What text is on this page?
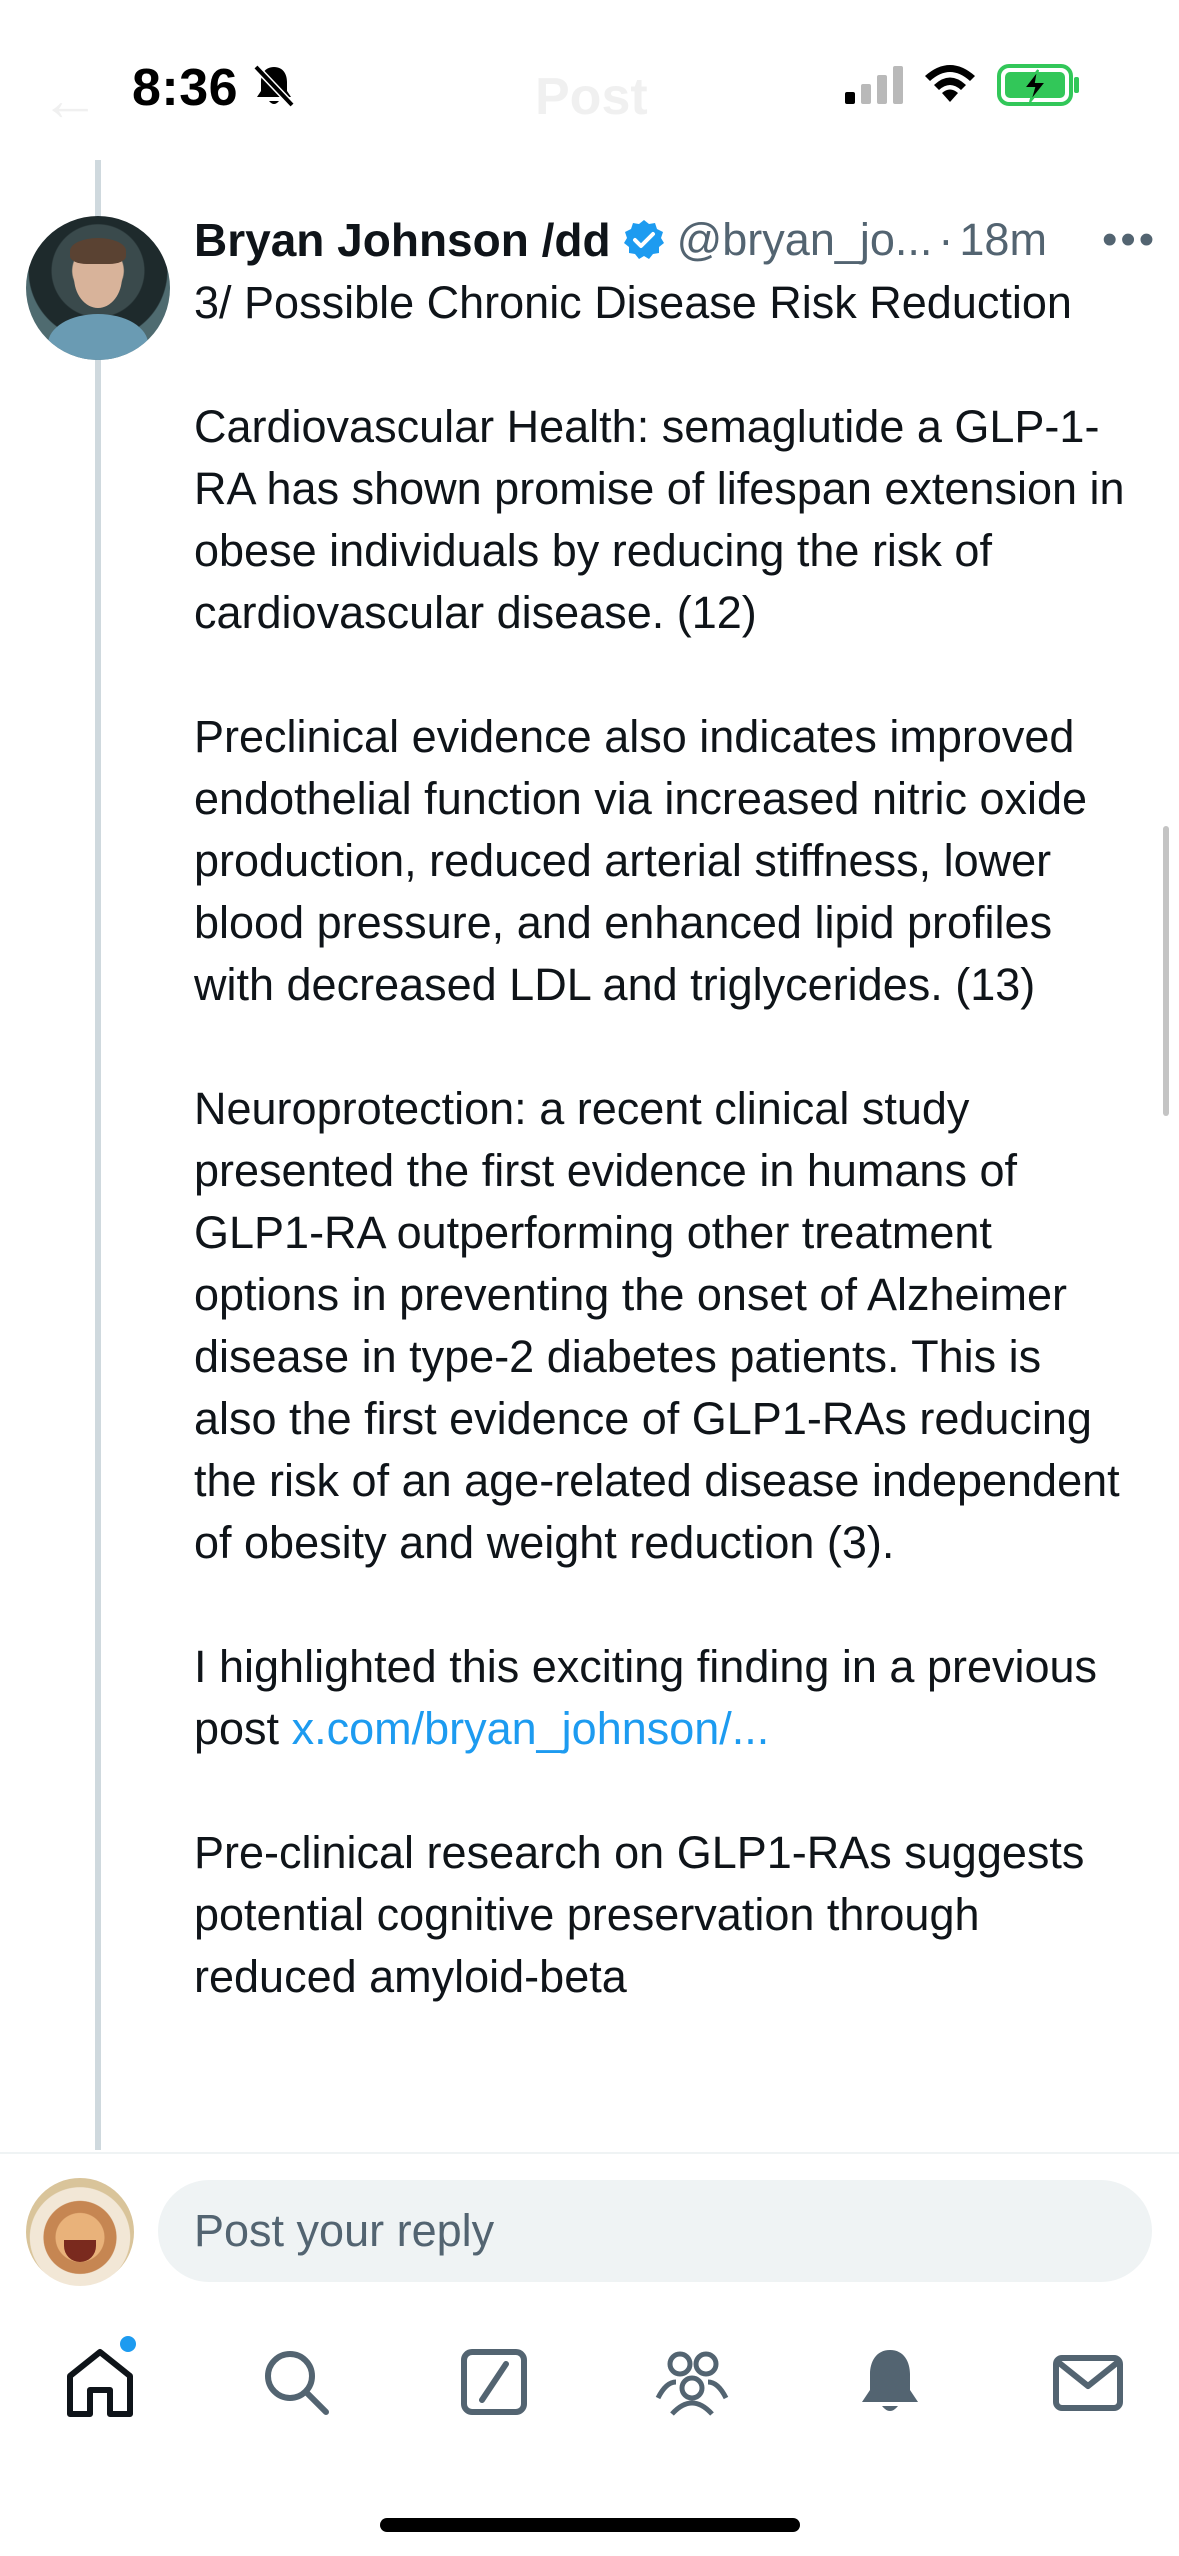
←	Post
8:36
Bryan Johnson /dd @bryan_jo... · 18m •••

3/ Possible Chronic Disease Risk Reduction

Cardiovascular Health: semaglutide a GLP-1-RA has shown promise of lifespan extension in obese individuals by reducing the risk of cardiovascular disease. (12)

Preclinical evidence also indicates improved endothelial function via increased nitric oxide production, reduced arterial stiffness, lower blood pressure, and enhanced lipid profiles with decreased LDL and triglycerides. (13)

Neuroprotection: a recent clinical study presented the first evidence in humans of GLP1-RA outperforming other treatment options in preventing the onset of Alzheimer disease in type-2 diabetes patients. This is also the first evidence of GLP1-RAs reducing the risk of an age-related disease independent of obesity and weight reduction (3).

I highlighted this exciting finding in a previous post x.com/bryan_johnson/...

Pre-clinical research on GLP1-RAs suggests potential cognitive preservation through reduced amyloid-beta

Post your reply
